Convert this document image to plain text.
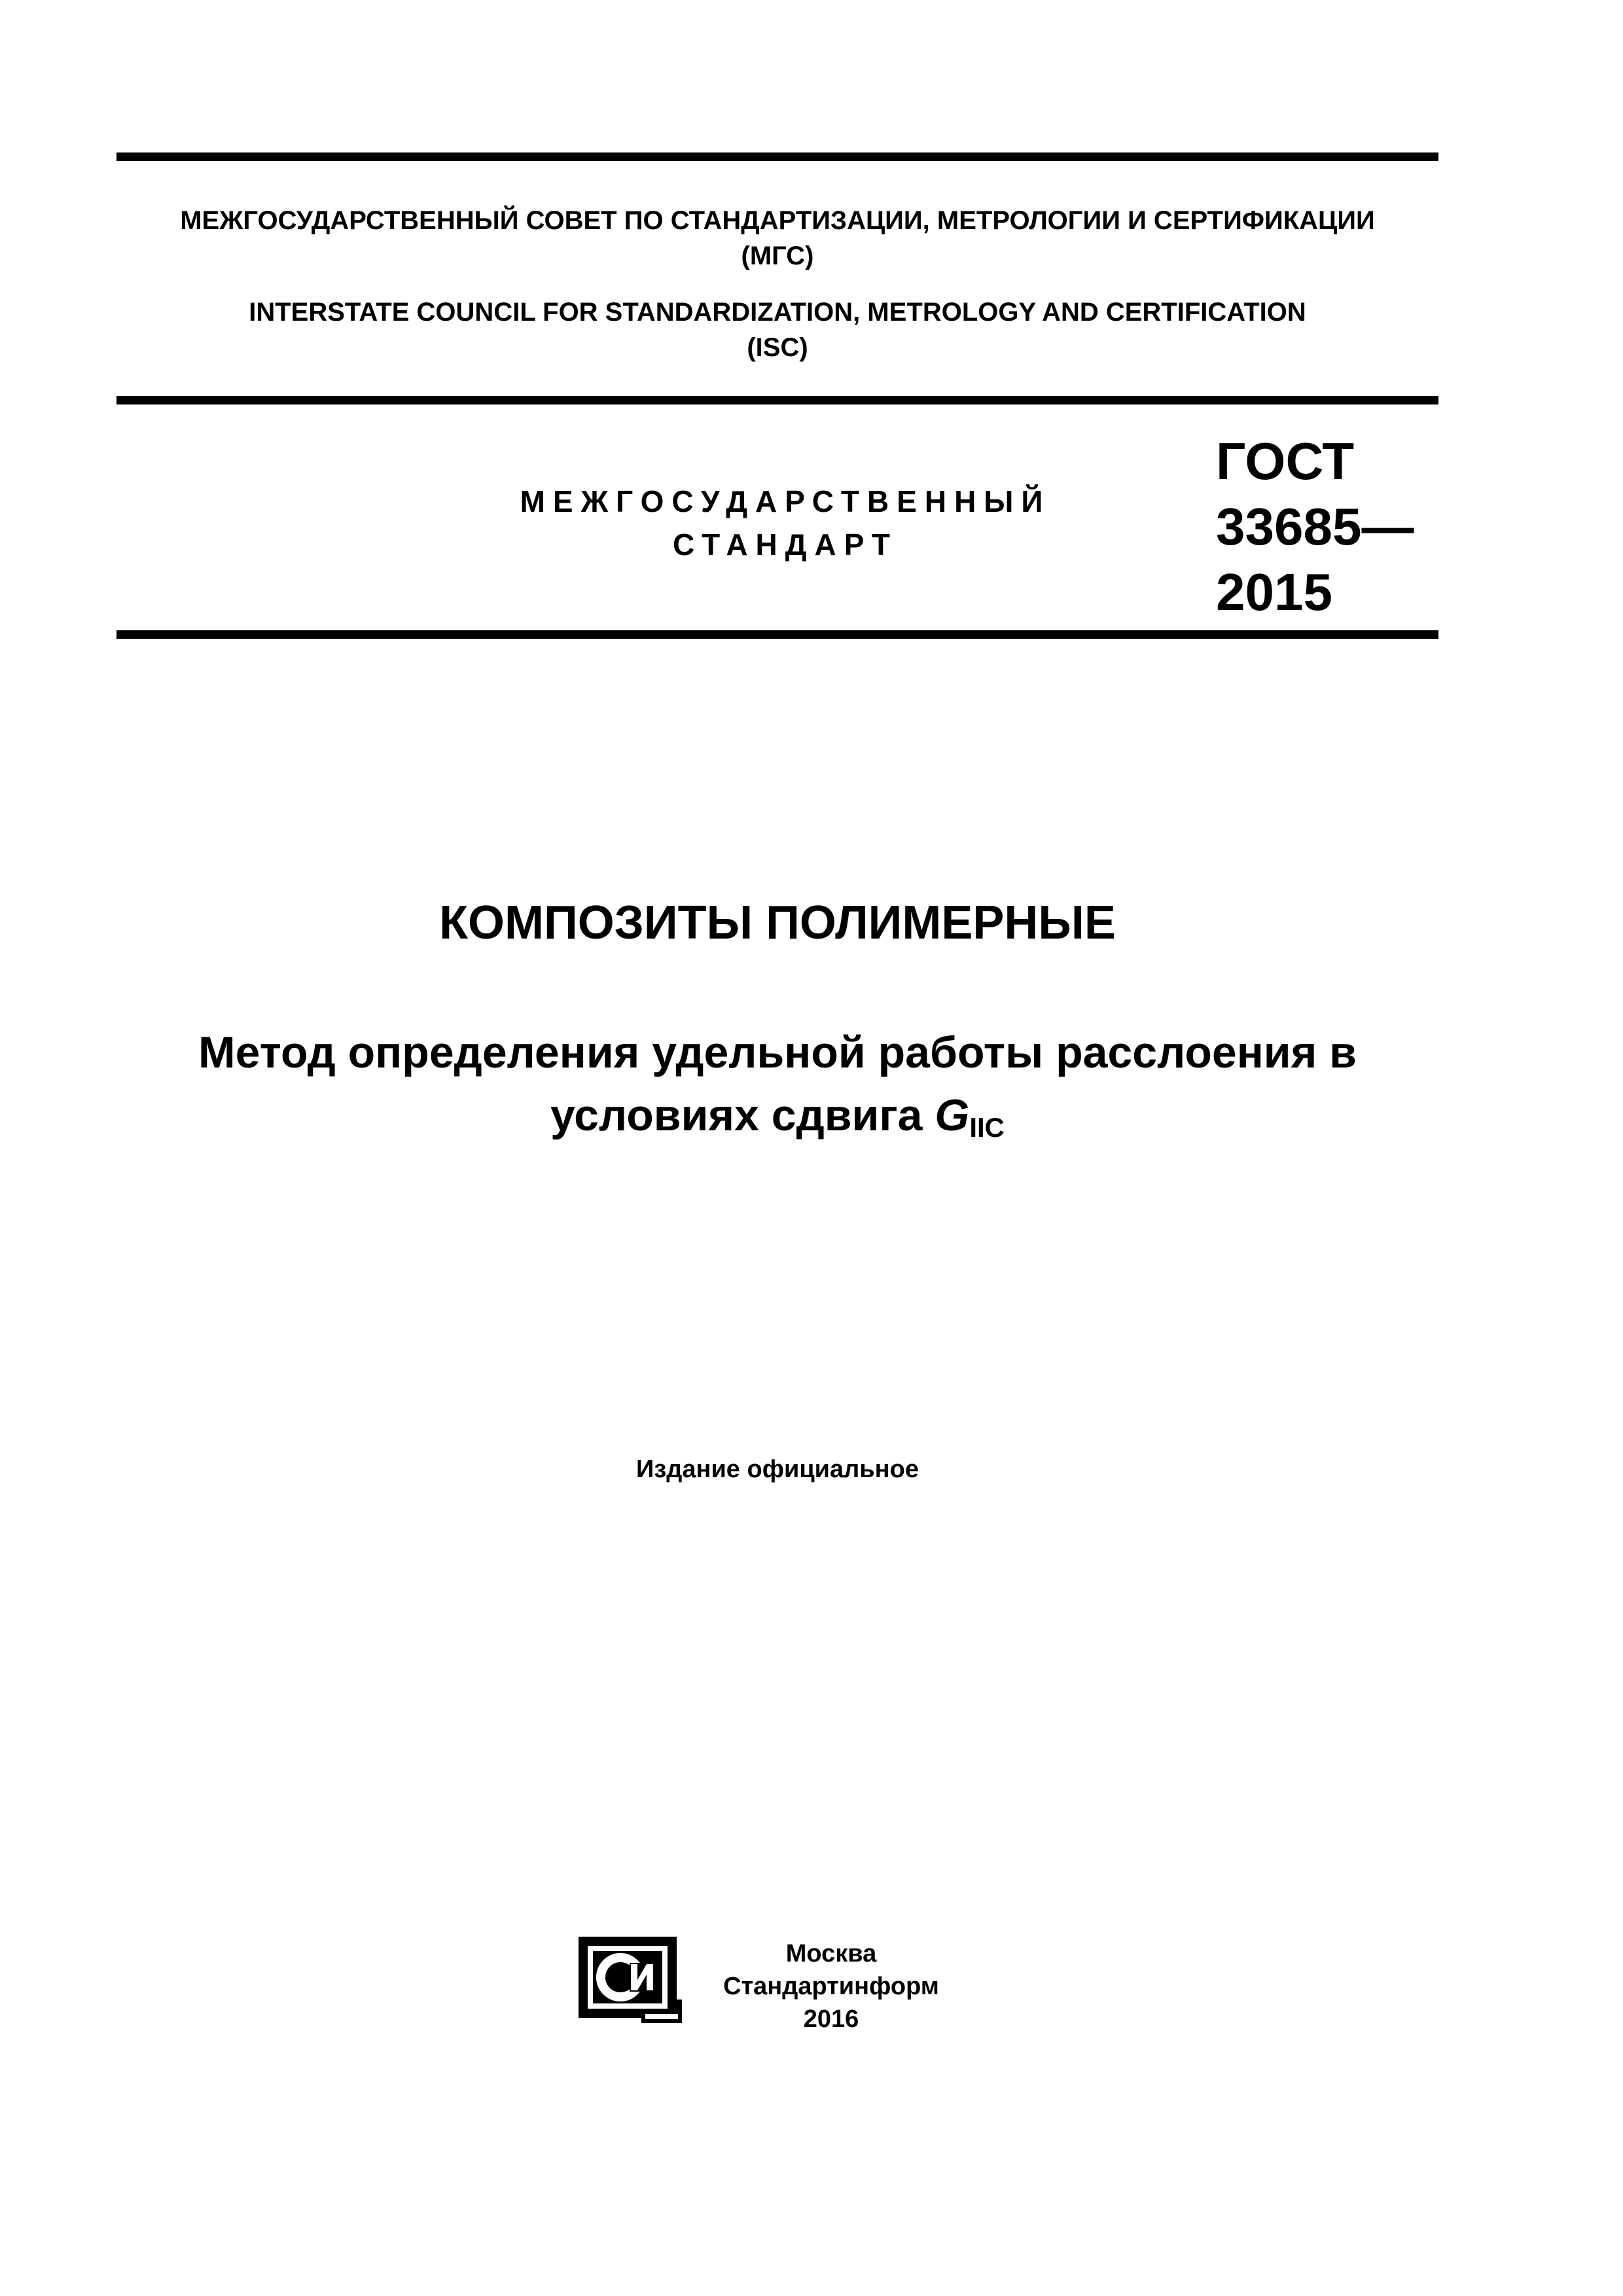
МЕЖГОСУДАРСТВЕННЫЙ СОВЕТ ПО СТАНДАРТИЗАЦИИ, МЕТРОЛОГИИ И СЕРТИФИКАЦИИ
(МГС)
INTERSTATE COUNCIL FOR STANDARDIZATION, METROLOGY AND CERTIFICATION
(ISC)
МЕЖГОСУДАРСТВЕННЫЙ
СТАНДАРТ
ГОСТ
33685—
2015
КОМПОЗИТЫ ПОЛИМЕРНЫЕ
Метод определения удельной работы расслоения в
условиях сдвига $G_{IIC}$
Издание официальное
Москва
Стандартинформ
2016
